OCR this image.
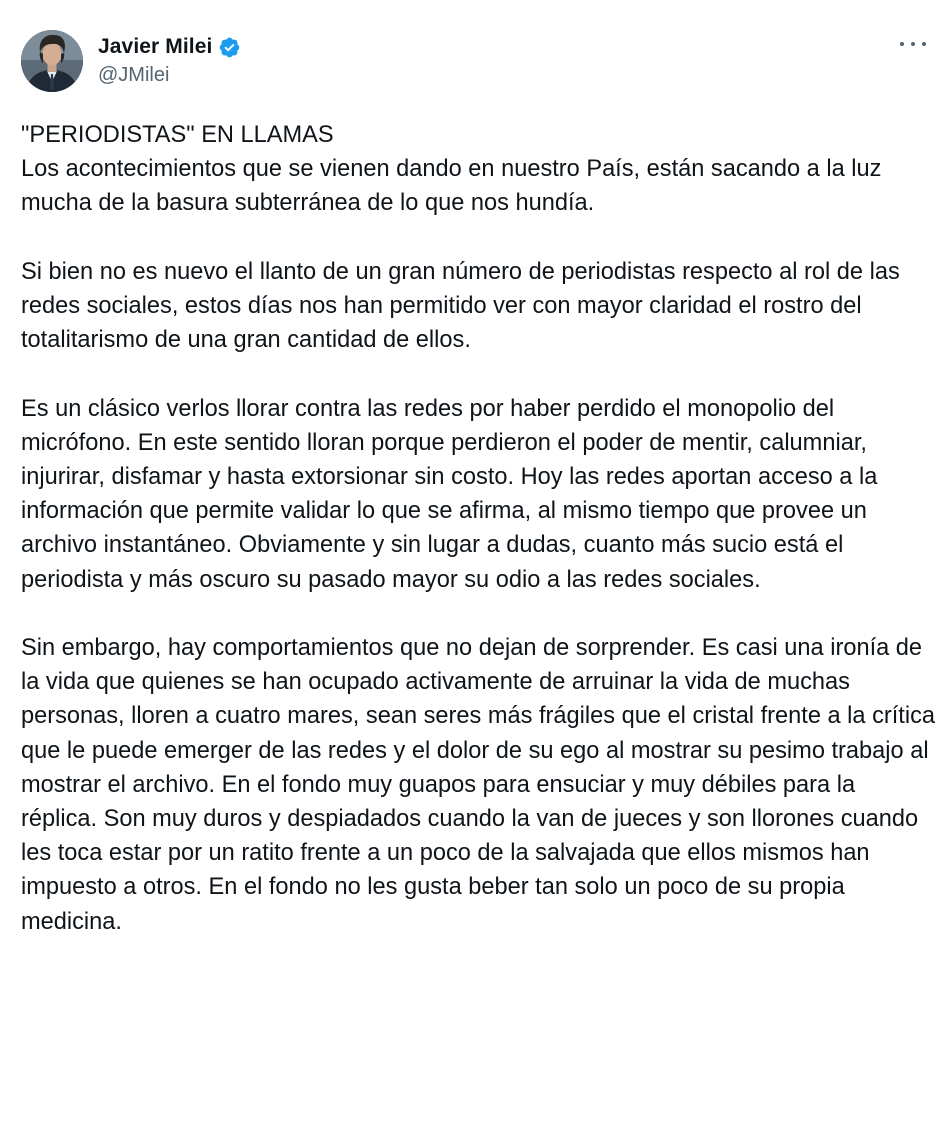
Javier Milei
@JMilei
"PERIODISTAS" EN LLAMAS
Los acontecimientos que se vienen dando en nuestro País, están sacando a la luz mucha de la basura subterránea de lo que nos hundía.

Si bien no es nuevo el llanto de un gran número de periodistas respecto al rol de las redes sociales, estos días nos han permitido ver con mayor claridad el rostro del totalitarismo de una gran cantidad de ellos.

Es un clásico verlos llorar contra las redes por haber perdido el monopolio del micrófono. En este sentido lloran porque perdieron el poder de mentir, calumniar, injurirar, disfamar y hasta extorsionar sin costo. Hoy las redes aportan acceso a la información que permite validar lo que se afirma, al mismo tiempo que provee un archivo instantáneo. Obviamente y sin lugar a dudas, cuanto más sucio está el periodista y más oscuro su pasado mayor su odio a las redes sociales.

Sin embargo, hay comportamientos que no dejan de sorprender. Es casi una ironía de la vida que quienes se han ocupado activamente de arruinar la vida de muchas personas, lloren a cuatro mares, sean seres más frágiles que el cristal frente a la crítica que le puede emerger de las redes y el dolor de su ego al mostrar su pesimo trabajo al mostrar el archivo. En el fondo muy guapos para ensuciar y muy débiles para la réplica. Son muy duros y despiadados cuando la van de jueces y son llorones cuando les toca estar por un ratito frente a un poco de la salvajada que ellos mismos han impuesto a otros. En el fondo no les gusta beber tan solo un poco de su propia medicina.
